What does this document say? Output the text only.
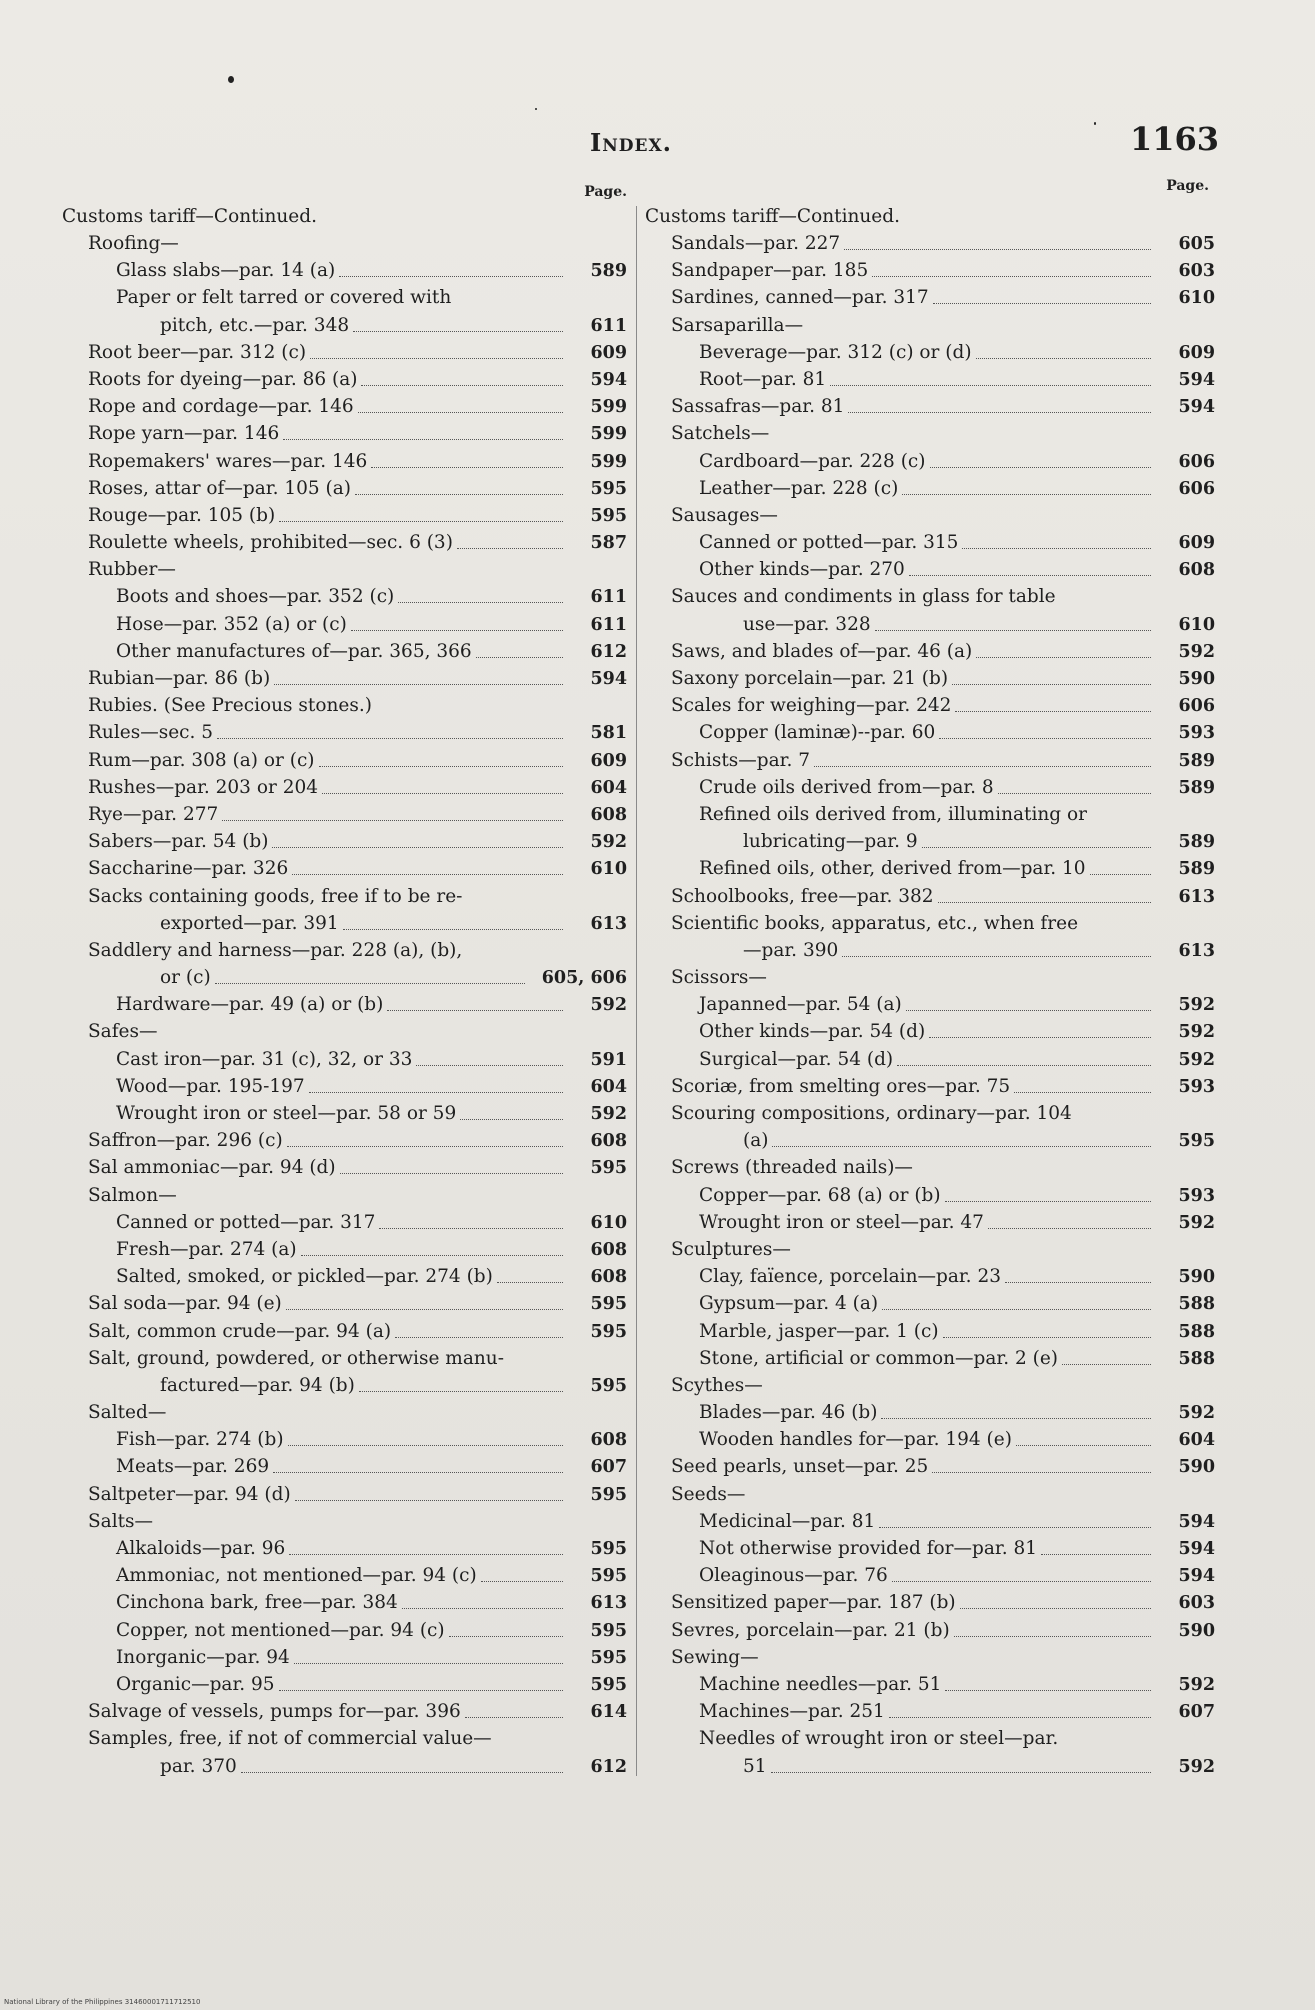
Index.	1163
Page.
Customs tariff—Continued.
Roofing—
Glass slabs—par. 14 (a)	589
Paper or felt tarred or covered with
pitch, etc.—par. 348	611
Root beer—par. 312 (c)	609
Roots for dyeing—par. 86 (a)	594
Rope and cordage—par. 146	599
Rope yarn—par. 146	599
Ropemakers' wares—par. 146	599
Roses, attar of—par. 105 (a)	595
Rouge—par. 105 (b)	595
Roulette wheels, prohibited—sec. 6 (3)	587
Rubber—
Boots and shoes—par. 352 (c)	611
Hose—par. 352 (a) or (c)	611
Other manufactures of—par. 365, 366	612
Rubian—par. 86 (b)	594
Rubies. (See Precious stones.)
Rules—sec. 5	581
Rum—par. 308 (a) or (c)	609
Rushes—par. 203 or 204	604
Rye—par. 277	608
Sabers—par. 54 (b)	592
Saccharine—par. 326	610
Sacks containing goods, free if to be re-
exported—par. 391	613
Saddlery and harness—par. 228 (a), (b),
or (c)	605, 606
Hardware—par. 49 (a) or (b)	592
Safes—
Cast iron—par. 31 (c), 32, or 33	591
Wood—par. 195-197	604
Wrought iron or steel—par. 58 or 59	592
Saffron—par. 296 (c)	608
Sal ammoniac—par. 94 (d)	595
Salmon—
Canned or potted—par. 317	610
Fresh—par. 274 (a)	608
Salted, smoked, or pickled—par. 274 (b)	608
Sal soda—par. 94 (e)	595
Salt, common crude—par. 94 (a)	595
Salt, ground, powdered, or otherwise manu-
factured—par. 94 (b)	595
Salted—
Fish—par. 274 (b)	608
Meats—par. 269	607
Saltpeter—par. 94 (d)	595
Salts—
Alkaloids—par. 96	595
Ammoniac, not mentioned—par. 94 (c)	595
Cinchona bark, free—par. 384	613
Copper, not mentioned—par. 94 (c)	595
Inorganic—par. 94	595
Organic—par. 95	595
Salvage of vessels, pumps for—par. 396	614
Samples, free, if not of commercial value—
par. 370	612
Page.
Customs tariff—Continued.
Sandals—par. 227	605
Sandpaper—par. 185	603
Sardines, canned—par. 317	610
Sarsaparilla—
Beverage—par. 312 (c) or (d)	609
Root—par. 81	594
Sassafras—par. 81	594
Satchels—
Cardboard—par. 228 (c)	606
Leather—par. 228 (c)	606
Sausages—
Canned or potted—par. 315	609
Other kinds—par. 270	608
Sauces and condiments in glass for table
use—par. 328	610
Saws, and blades of—par. 46 (a)	592
Saxony porcelain—par. 21 (b)	590
Scales for weighing—par. 242	606
Copper (laminæ)--par. 60	593
Schists—par. 7	589
Crude oils derived from—par. 8	589
Refined oils derived from, illuminating or
lubricating—par. 9	589
Refined oils, other, derived from—par. 10	589
Schoolbooks, free—par. 382	613
Scientific books, apparatus, etc., when free
—par. 390	613
Scissors—
Japanned—par. 54 (a)	592
Other kinds—par. 54 (d)	592
Surgical—par. 54 (d)	592
Scoriæ, from smelting ores—par. 75	593
Scouring compositions, ordinary—par. 104
(a)	595
Screws (threaded nails)—
Copper—par. 68 (a) or (b)	593
Wrought iron or steel—par. 47	592
Sculptures—
Clay, faïence, porcelain—par. 23	590
Gypsum—par. 4 (a)	588
Marble, jasper—par. 1 (c)	588
Stone, artificial or common—par. 2 (e)	588
Scythes—
Blades—par. 46 (b)	592
Wooden handles for—par. 194 (e)	604
Seed pearls, unset—par. 25	590
Seeds—
Medicinal—par. 81	594
Not otherwise provided for—par. 81	594
Oleaginous—par. 76	594
Sensitized paper—par. 187 (b)	603
Sevres, porcelain—par. 21 (b)	590
Sewing—
Machine needles—par. 51	592
Machines—par. 251	607
Needles of wrought iron or steel—par.
51	592
National Library of the Philippines 31460001711712510
